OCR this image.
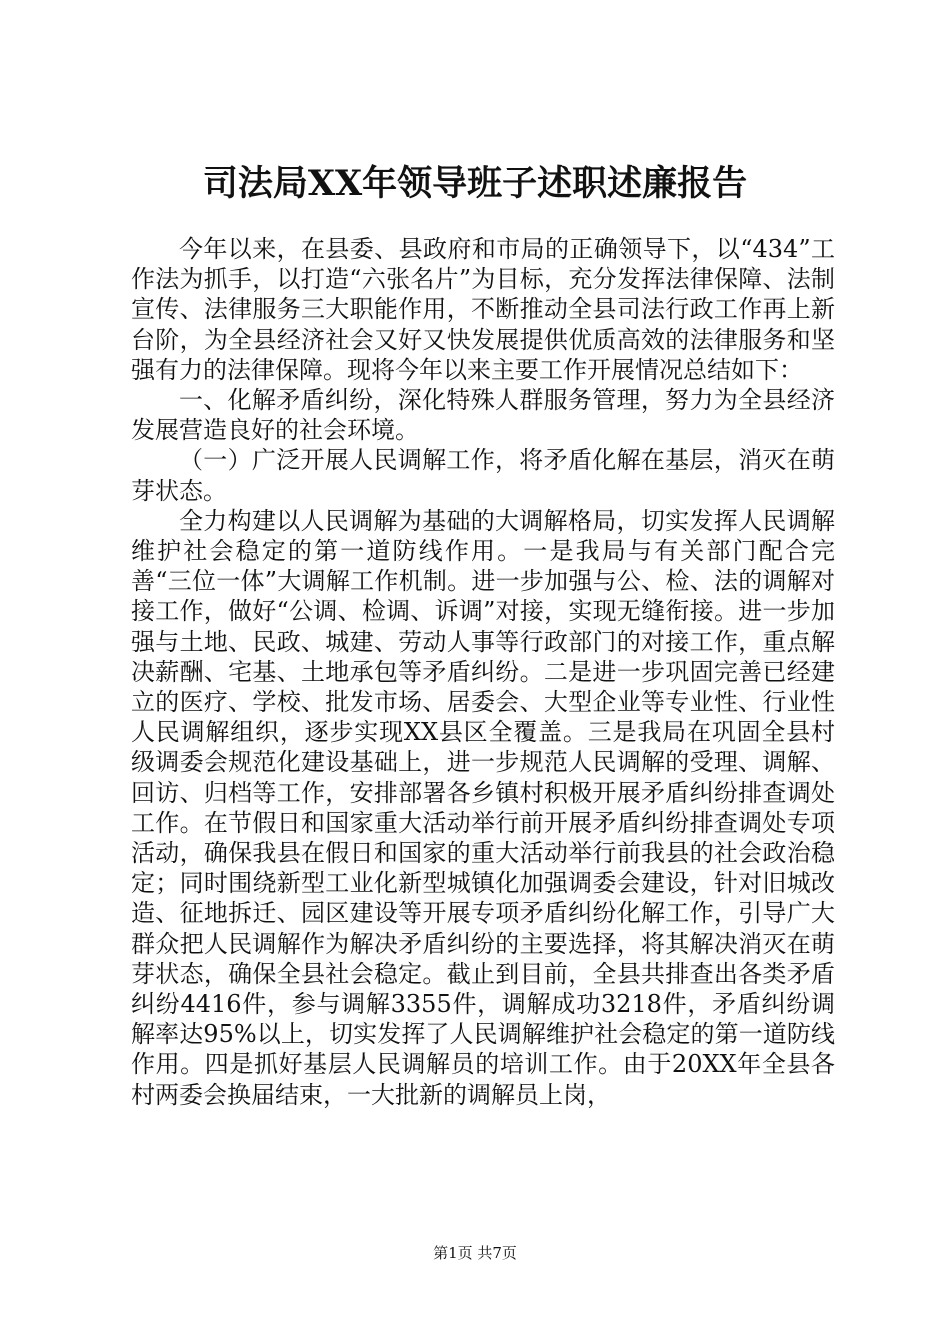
司法局XX年领导班子述职述廉报告

今年以来，在县委、县政府和市局的正确领导下，以“434”工作法为抓手，以打造“六张名片”为目标，充分发挥法律保障、法制宣传、法律服务三大职能作用，不断推动全县司法行政工作再上新台阶，为全县经济社会又好又快发展提供优质高效的法律服务和坚强有力的法律保障。现将今年以来主要工作开展情况总结如下：

一、化解矛盾纠纷，深化特殊人群服务管理，努力为全县经济发展营造良好的社会环境。

（一）广泛开展人民调解工作，将矛盾化解在基层，消灭在萌芽状态。

全力构建以人民调解为基础的大调解格局，切实发挥人民调解维护社会稳定的第一道防线作用。一是我局与有关部门配合完善“三位一体”大调解工作机制。进一步加强与公、检、法的调解对接工作，做好“公调、检调、诉调”对接，实现无缝衔接。进一步加强与土地、民政、城建、劳动人事等行政部门的对接工作，重点解决薪酬、宅基、土地承包等矛盾纠纷。二是进一步巩固完善已经建立的医疗、学校、批发市场、居委会、大型企业等专业性、行业性人民调解组织，逐步实现XX县区全覆盖。三是我局在巩固全县村级调委会规范化建设基础上，进一步规范人民调解的受理、调解、回访、归档等工作，安排部署各乡镇村积极开展矛盾纠纷排查调处工作。在节假日和国家重大活动举行前开展矛盾纠纷排查调处专项活动，确保我县在假日和国家的重大活动举行前我县的社会政治稳定；同时围绕新型工业化新型城镇化加强调委会建设，针对旧城改造、征地拆迁、园区建设等开展专项矛盾纠纷化解工作，引导广大群众把人民调解作为解决矛盾纠纷的主要选择，将其解决消灭在萌芽状态，确保全县社会稳定。截止到目前，全县共排查出各类矛盾纠纷4416件，参与调解3355件，调解成功3218件，矛盾纠纷调解率达95%以上，切实发挥了人民调解维护社会稳定的第一道防线作用。四是抓好基层人民调解员的培训工作。由于20XX年全县各村两委会换届结束，一大批新的调解员上岗，

第1页 共7页
